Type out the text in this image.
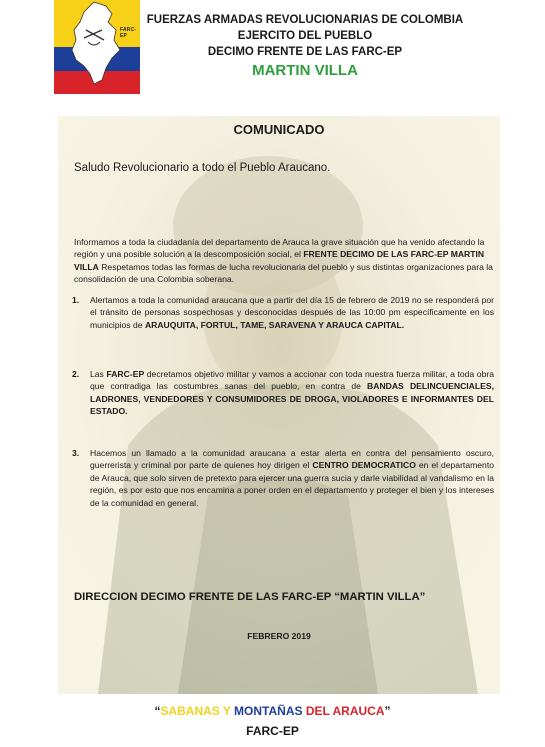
FARC-EP
FUERZAS ARMADAS REVOLUCIONARIAS DE COLOMBIA
EJERCITO DEL PUEBLO
DECIMO FRENTE DE LAS FARC-EP
MARTIN VILLA
COMUNICADO
Saludo Revolucionario a todo el Pueblo Araucano.
Informamos a toda la ciudadanía del departamento de Arauca la grave situación que ha venido afectando la región y una posible solución a la descomposición social, el FRENTE DECIMO DE LAS FARC-EP MARTIN VILLA Respetamos todas las formas de lucha revolucionaria del pueblo y sus distintas organizaciones para la consolidación de una Colombia soberana.
1. Alertamos a toda la comunidad araucana que a partir del día 15 de febrero de 2019 no se responderá por el tránsito de personas sospechosas y desconocidas después de las 10:00 pm específicamente en los municipios de ARAUQUITA, FORTUL, TAME, SARAVENA Y ARAUCA CAPITAL.
2. Las FARC-EP decretamos objetivo militar y vamos a accionar con toda nuestra fuerza militar, a toda obra que contradiga las costumbres sanas del pueblo, en contra de BANDAS DELINCUENCIALES, LADRONES, VENDEDORES Y CONSUMIDORES DE DROGA, VIOLADORES E INFORMANTES DEL ESTADO.
3. Hacemos un llamado a la comunidad araucana a estar alerta en contra del pensamiento oscuro, guerrerista y criminal por parte de quienes hoy dirigen el CENTRO DEMOCRATICO en el departamento de Arauca, que solo sirven de pretexto para ejercer una guerra sucia y darle viabilidad al vandalismo en la región, es por esto que nos encamina a poner orden en el departamento y proteger el bien y los intereses de la comunidad en general.
DIRECCION DECIMO FRENTE DE LAS FARC-EP “MARTIN VILLA”
FEBRERO 2019
“SABANAS Y MONTAÑAS DEL ARAUCA”
FARC-EP
